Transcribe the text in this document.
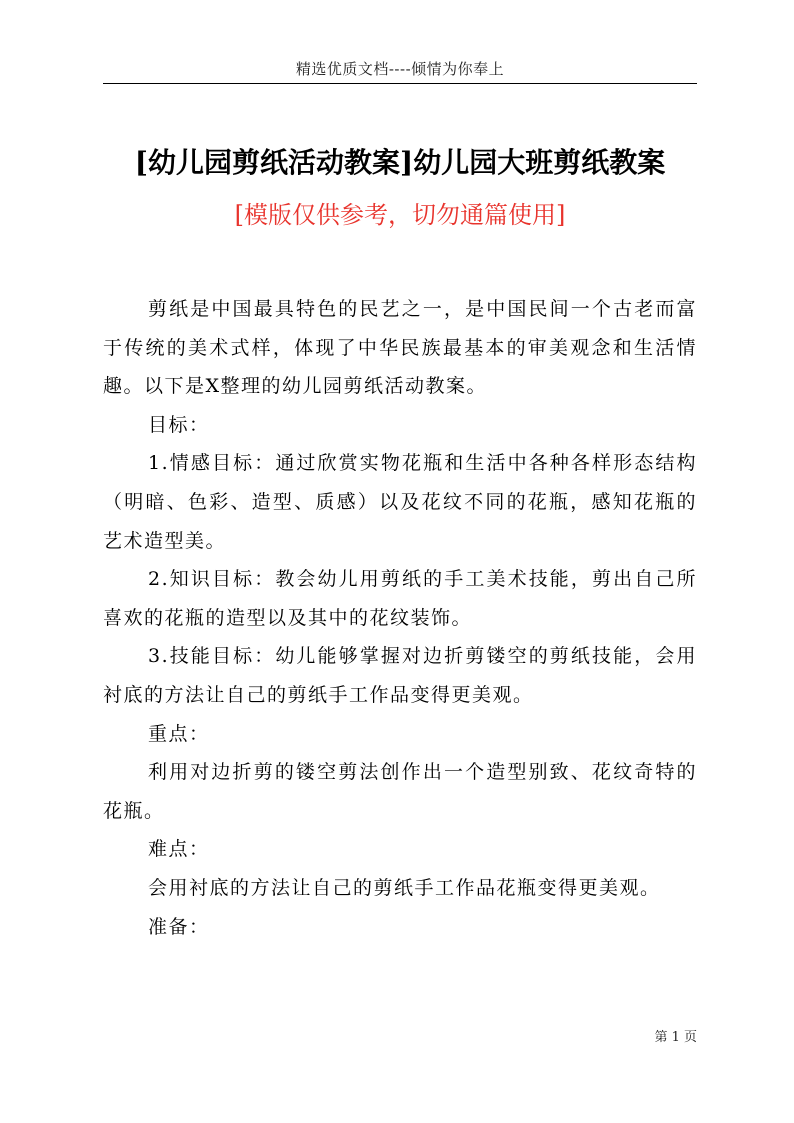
精选优质文档----倾情为你奉上
[幼儿园剪纸活动教案]幼儿园大班剪纸教案
[模版仅供参考，切勿通篇使用]

剪纸是中国最具特色的民艺之一，是中国民间一个古老而富于传统的美术式样，体现了中华民族最基本的审美观念和生活情趣。以下是X整理的幼儿园剪纸活动教案。

目标：

1.情感目标：通过欣赏实物花瓶和生活中各种各样形态结构（明暗、色彩、造型、质感）以及花纹不同的花瓶，感知花瓶的艺术造型美。

2.知识目标：教会幼儿用剪纸的手工美术技能，剪出自己所喜欢的花瓶的造型以及其中的花纹装饰。

3.技能目标：幼儿能够掌握对边折剪镂空的剪纸技能，会用衬底的方法让自己的剪纸手工作品变得更美观。

重点：

利用对边折剪的镂空剪法创作出一个造型别致、花纹奇特的花瓶。

难点：

会用衬底的方法让自己的剪纸手工作品花瓶变得更美观。

准备：

第 1 页
